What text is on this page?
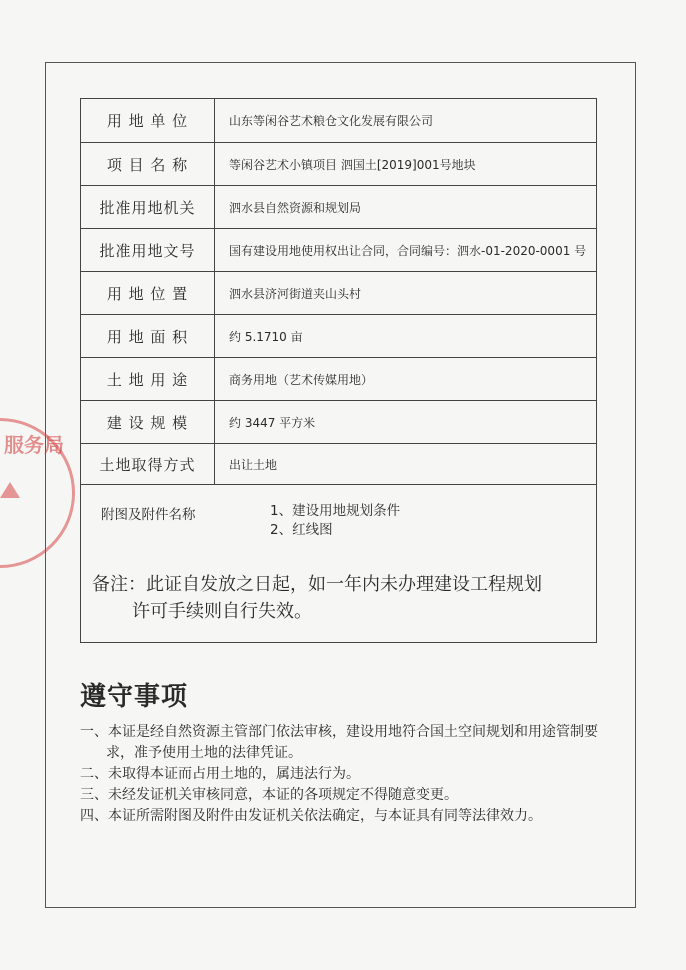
用 地 单 位	山东等闲谷艺术粮仓文化发展有限公司
项 目 名 称	等闲谷艺术小镇项目 泗国土[2019]001号地块
批准用地机关	泗水县自然资源和规划局
批准用地文号	国有建设用地使用权出让合同，合同编号：泗水-01-2020-0001 号
用 地 位 置	泗水县济河街道夹山头村
用 地 面 积	约 5.1710 亩
土 地 用 途	商务用地（艺术传媒用地）
建 设 规 模	约 3447 平方米
土地取得方式	出让土地

附图及附件名称	1、建设用地规划条件
2、红线图
备注：此证自发放之日起，如一年内未办理建设工程规划
许可手续则自行失效。
遵守事项
一、本证是经自然资源主管部门依法审核，建设用地符合国土空间规划和用途管制要求，准予使用土地的法律凭证。
二、未取得本证而占用土地的，属违法行为。
三、未经发证机关审核同意，本证的各项规定不得随意变更。
四、本证所需附图及附件由发证机关依法确定，与本证具有同等法律效力。
服务局
